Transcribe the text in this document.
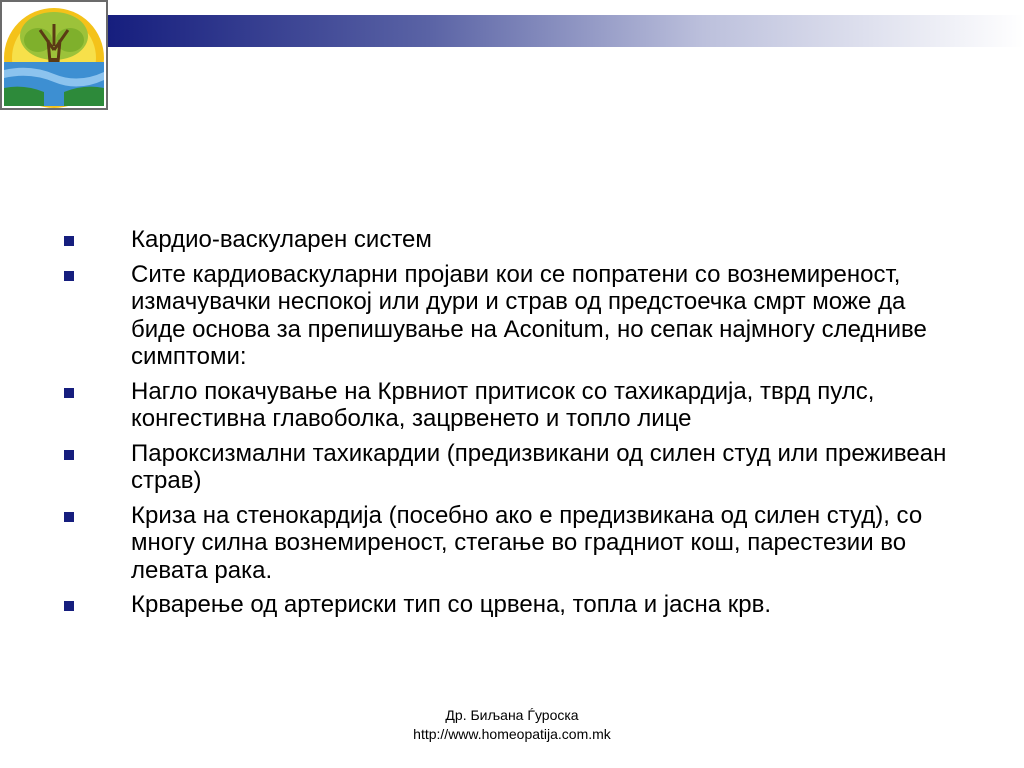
Кардио-васкуларен систем
Сите кардиоваскуларни пројави кои се попратени со вознемиреност, измачувачки неспокој или дури и страв од предстоечка смрт може да биде основа за препишување на Aconitum, но сепак најмногу следниве симптоми:
Нагло покачување на Крвниот притисок со тахикардија, тврд пулс, конгестивна главоболка, зацрвенето и топло лице
Пароксизмални тахикардии (предизвикани од силен студ или преживеан страв)
Криза на стенокардија (посебно ако е предизвикана од силен студ), со многу силна вознемиреност, стегање во градниот кош, парестезии во левата рака.
Крварење од артериски тип со црвена, топла и јасна крв.
Др. Биљана Ѓуроска
http://www.homeopatija.com.mk
